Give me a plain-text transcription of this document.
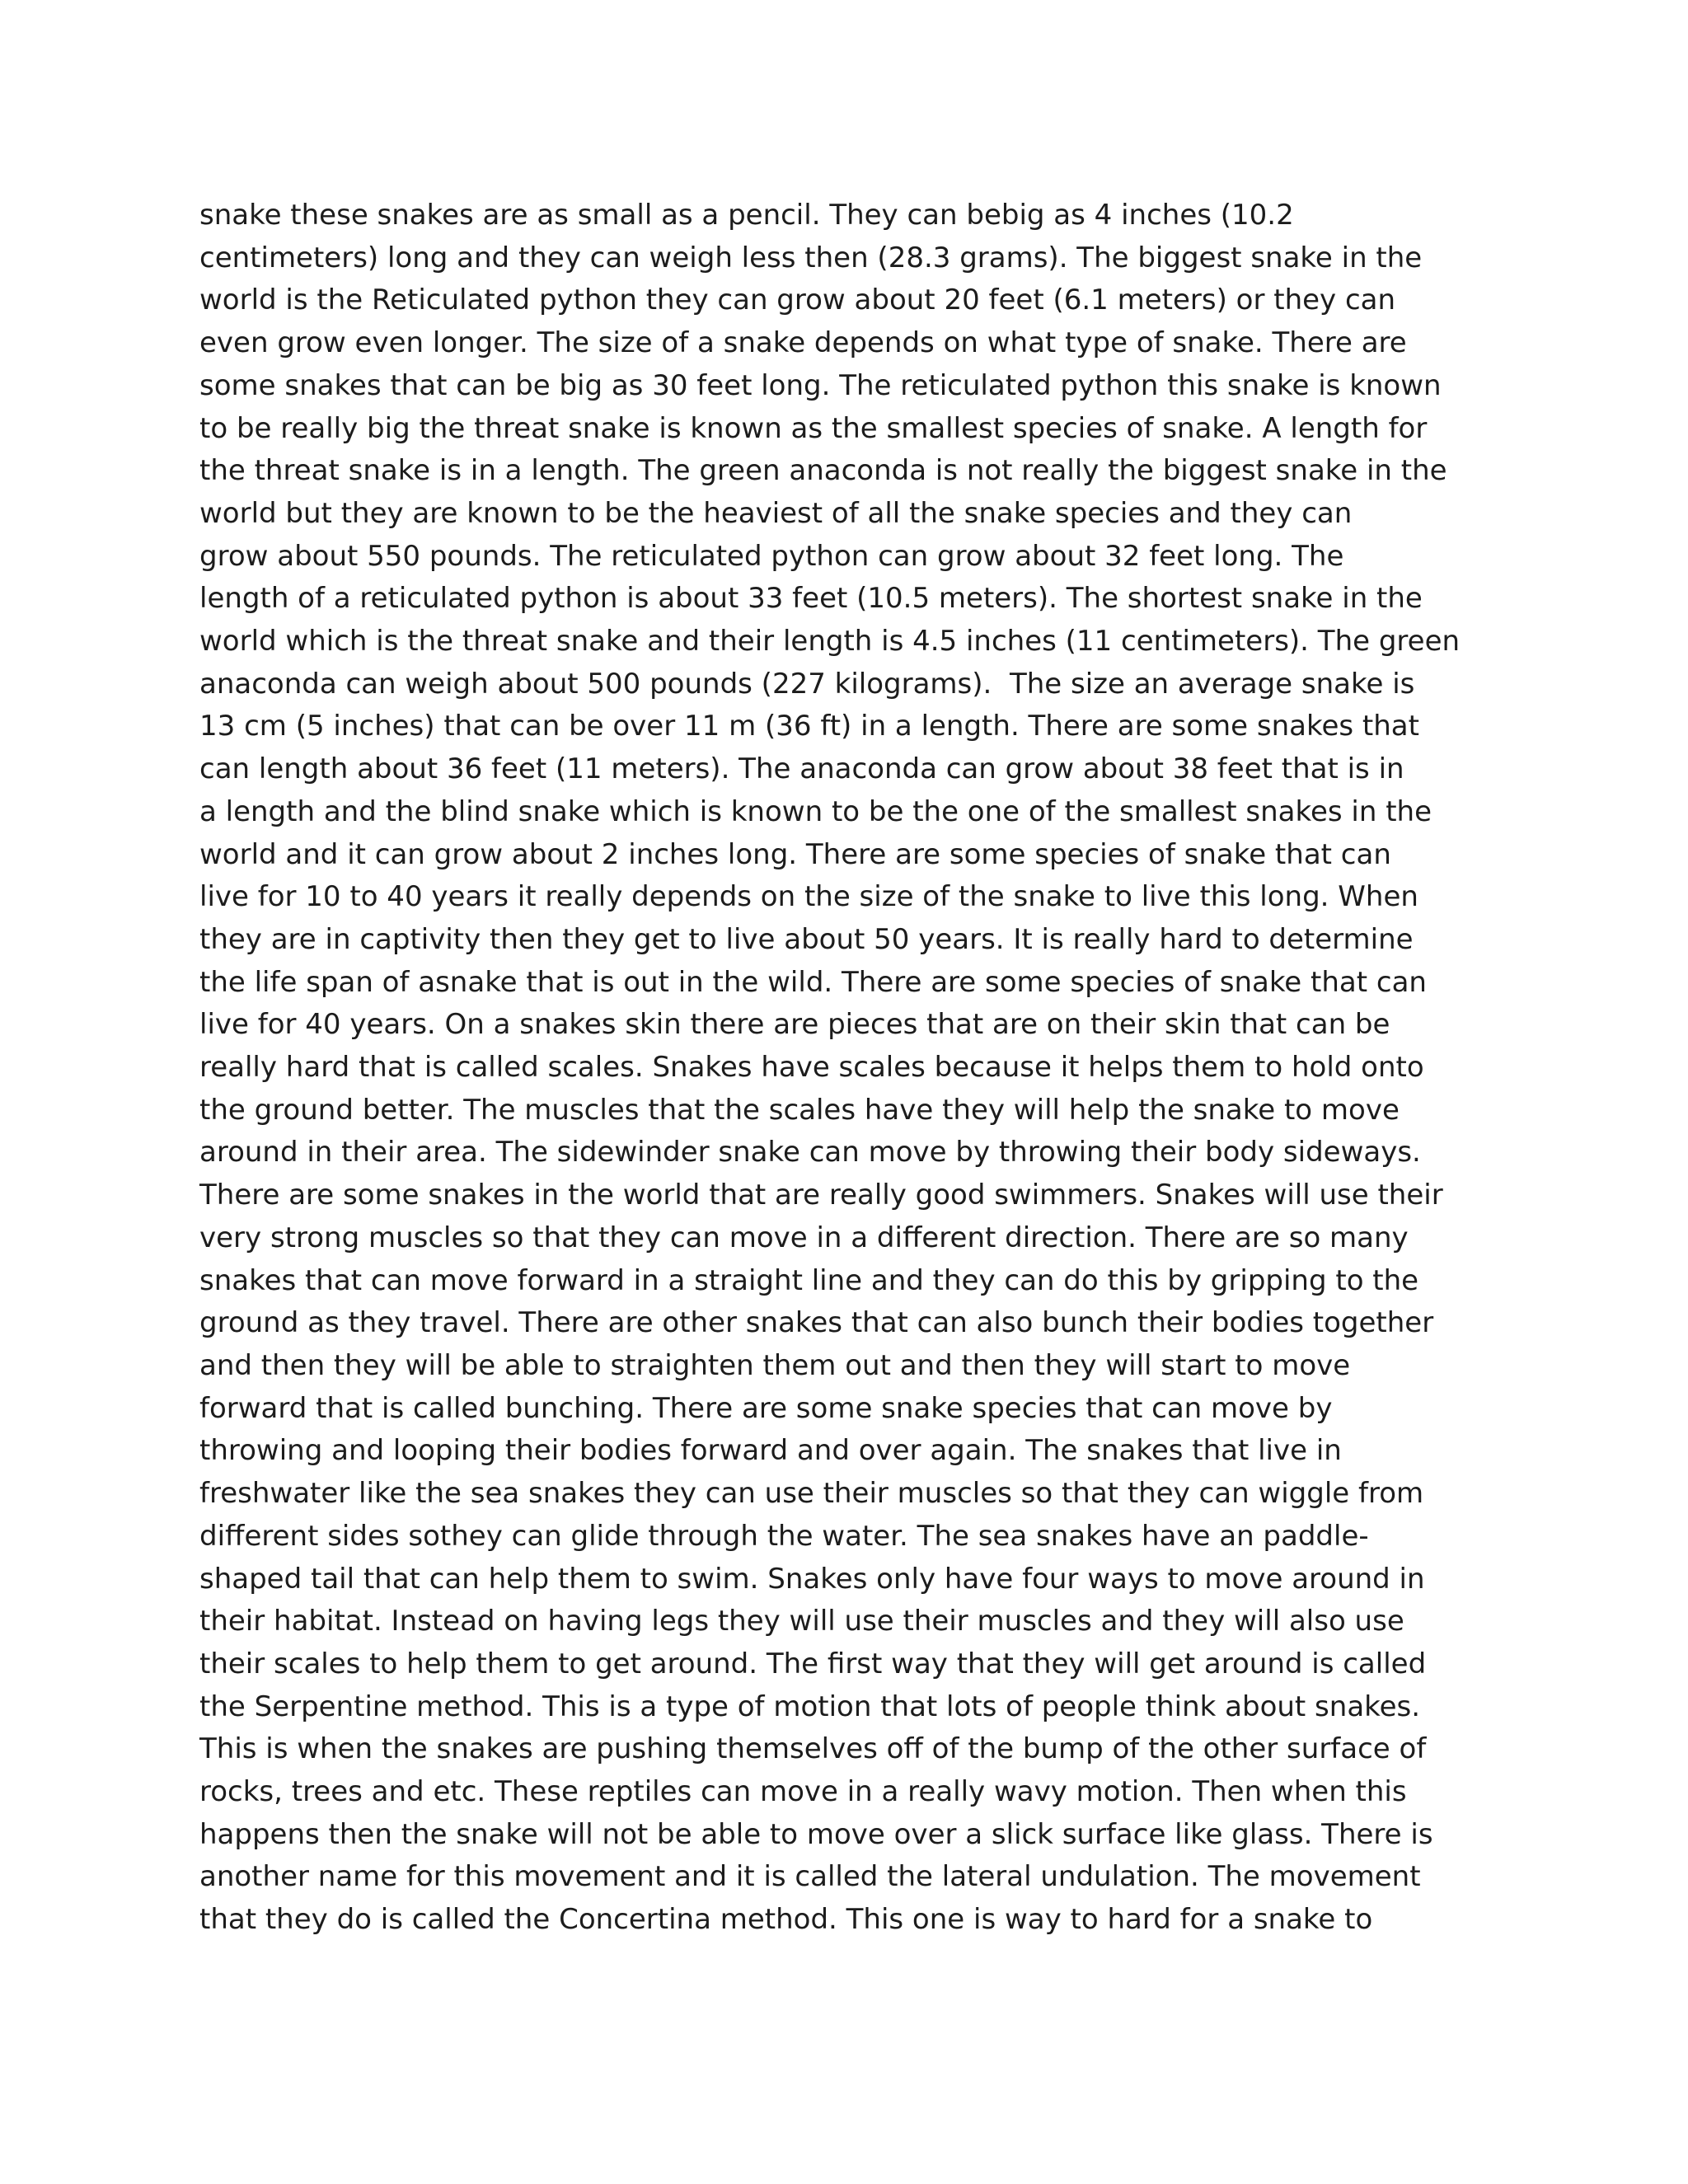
snake these snakes are as small as a pencil. They can bebig as 4 inches (10.2
centimeters) long and they can weigh less then (28.3 grams). The biggest snake in the
world is the Reticulated python they can grow about 20 feet (6.1 meters) or they can
even grow even longer. The size of a snake depends on what type of snake. There are
some snakes that can be big as 30 feet long. The reticulated python this snake is known
to be really big the threat snake is known as the smallest species of snake. A length for
the threat snake is in a length. The green anaconda is not really the biggest snake in the
world but they are known to be the heaviest of all the snake species and they can
grow about 550 pounds. The reticulated python can grow about 32 feet long. The
length of a reticulated python is about 33 feet (10.5 meters). The shortest snake in the
world which is the threat snake and their length is 4.5 inches (11 centimeters). The green
anaconda can weigh about 500 pounds (227 kilograms).  The size an average snake is
13 cm (5 inches) that can be over 11 m (36 ft) in a length. There are some snakes that
can length about 36 feet (11 meters). The anaconda can grow about 38 feet that is in
a length and the blind snake which is known to be the one of the smallest snakes in the
world and it can grow about 2 inches long. There are some species of snake that can
live for 10 to 40 years it really depends on the size of the snake to live this long. When
they are in captivity then they get to live about 50 years. It is really hard to determine
the life span of asnake that is out in the wild. There are some species of snake that can
live for 40 years. On a snakes skin there are pieces that are on their skin that can be
really hard that is called scales. Snakes have scales because it helps them to hold onto
the ground better. The muscles that the scales have they will help the snake to move
around in their area. The sidewinder snake can move by throwing their body sideways.
There are some snakes in the world that are really good swimmers. Snakes will use their
very strong muscles so that they can move in a different direction. There are so many
snakes that can move forward in a straight line and they can do this by gripping to the
ground as they travel. There are other snakes that can also bunch their bodies together
and then they will be able to straighten them out and then they will start to move
forward that is called bunching. There are some snake species that can move by
throwing and looping their bodies forward and over again. The snakes that live in
freshwater like the sea snakes they can use their muscles so that they can wiggle from
different sides sothey can glide through the water. The sea snakes have an paddle-
shaped tail that can help them to swim. Snakes only have four ways to move around in
their habitat. Instead on having legs they will use their muscles and they will also use
their scales to help them to get around. The first way that they will get around is called
the Serpentine method. This is a type of motion that lots of people think about snakes.
This is when the snakes are pushing themselves off of the bump of the other surface of
rocks, trees and etc. These reptiles can move in a really wavy motion. Then when this
happens then the snake will not be able to move over a slick surface like glass. There is
another name for this movement and it is called the lateral undulation. The movement
that they do is called the Concertina method. This one is way to hard for a snake to
